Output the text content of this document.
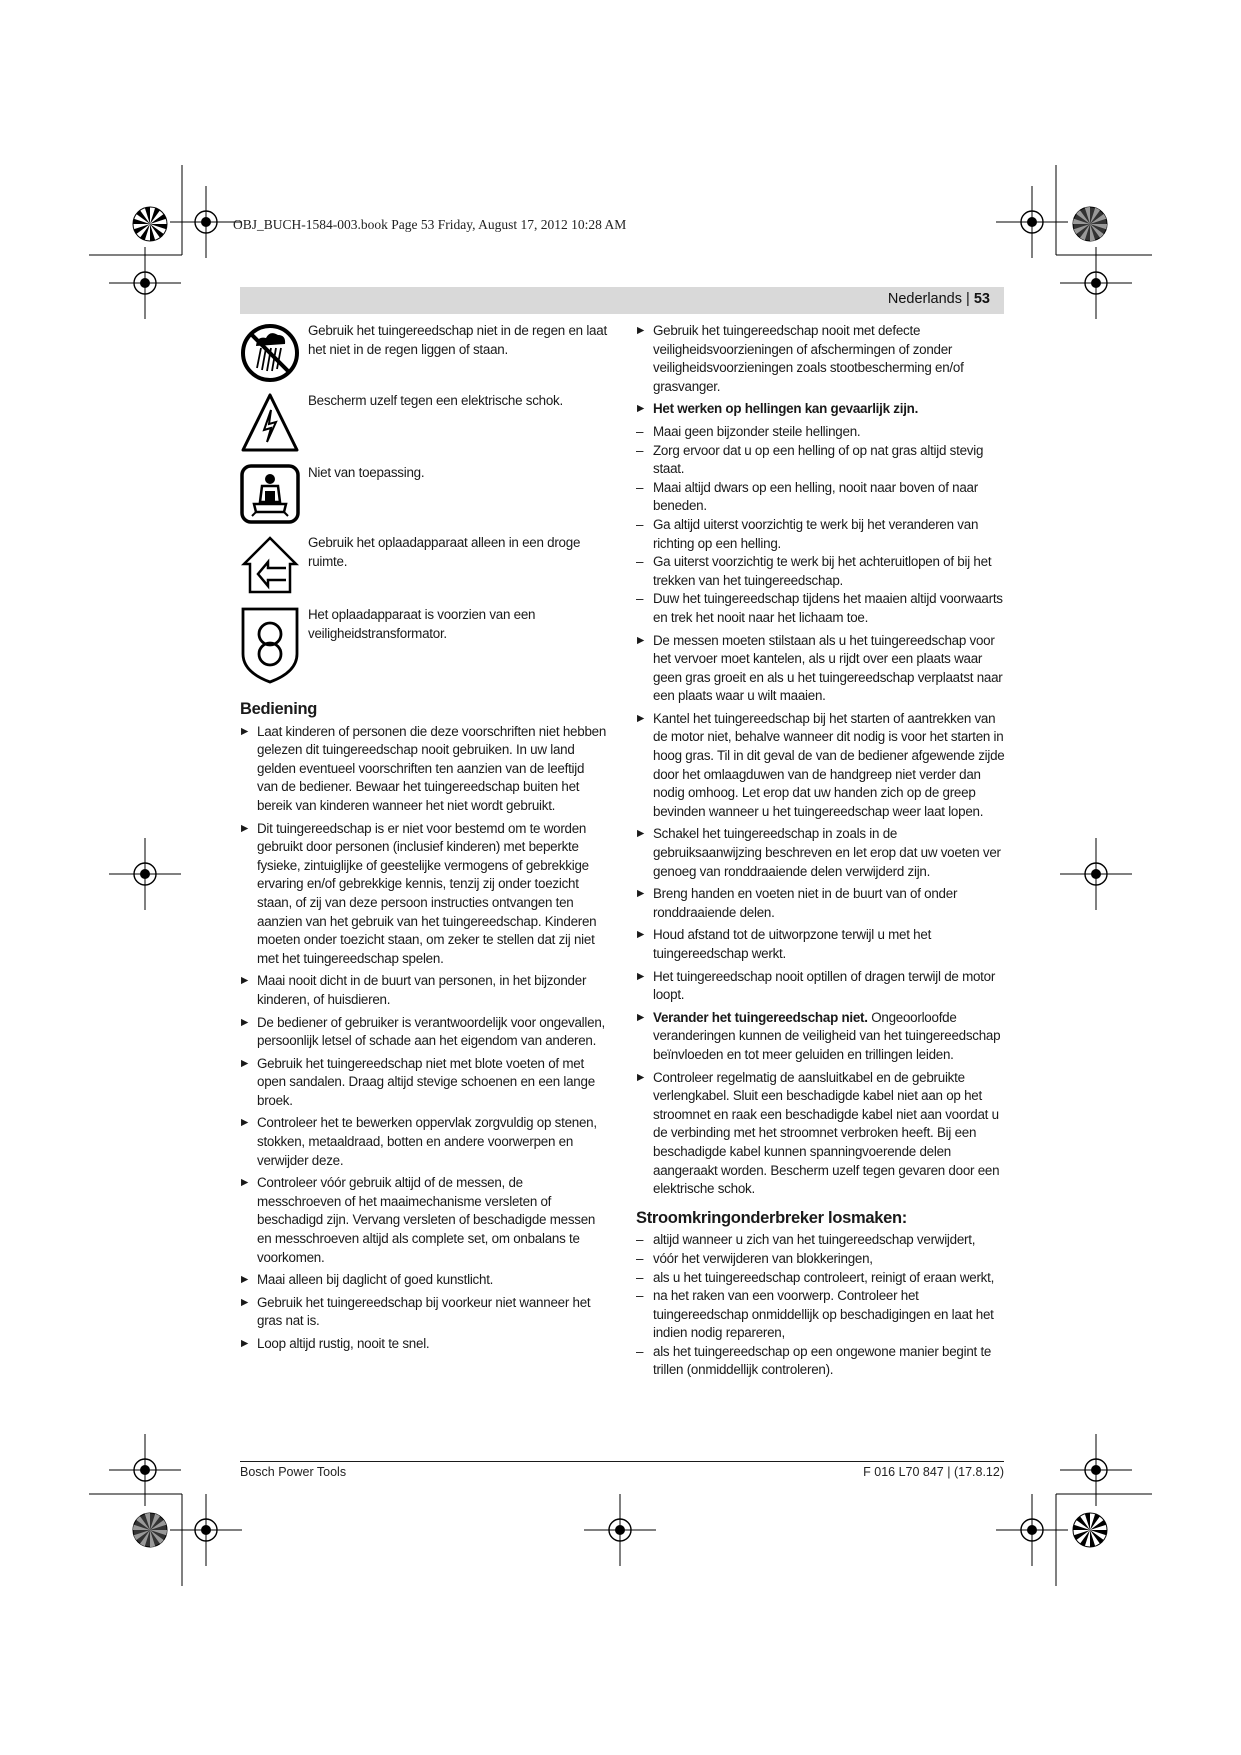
OBJ_BUCH-1584-003.book Page 53 Friday, August 17, 2012 10:28 AM
Nederlands | 53
Gebruik het tuingereedschap niet in de regen en laat het niet in de regen liggen of staan.
Bescherm uzelf tegen een elektrische schok.
Niet van toepassing.
Gebruik het oplaadapparaat alleen in een droge ruimte.
Het oplaadapparaat is voorzien van een veiligheidstransformator.
Bediening
▶ Laat kinderen of personen die deze voorschriften niet hebben gelezen dit tuingereedschap nooit gebruiken. In uw land gelden eventueel voorschriften ten aanzien van de leeftijd van de bediener. Bewaar het tuingereedschap buiten het bereik van kinderen wanneer het niet wordt gebruikt.
▶ Dit tuingereedschap is er niet voor bestemd om te worden gebruikt door personen (inclusief kinderen) met beperkte fysieke, zintuiglijke of geestelijke vermogens of gebrekkige ervaring en/of gebrekkige kennis, tenzij zij onder toezicht staan, of zij van deze persoon instructies ontvangen ten aanzien van het gebruik van het tuingereedschap. Kinderen moeten onder toezicht staan, om zeker te stellen dat zij niet met het tuingereedschap spelen.
▶ Maai nooit dicht in de buurt van personen, in het bijzonder kinderen, of huisdieren.
▶ De bediener of gebruiker is verantwoordelijk voor ongevallen, persoonlijk letsel of schade aan het eigendom van anderen.
▶ Gebruik het tuingereedschap niet met blote voeten of met open sandalen. Draag altijd stevige schoenen en een lange broek.
▶ Controleer het te bewerken oppervlak zorgvuldig op stenen, stokken, metaaldraad, botten en andere voorwerpen en verwijder deze.
▶ Controleer vóór gebruik altijd of de messen, de messchroeven of het maaimechanisme versleten of beschadigd zijn. Vervang versleten of beschadigde messen en messchroeven altijd als complete set, om onbalans te voorkomen.
▶ Maai alleen bij daglicht of goed kunstlicht.
▶ Gebruik het tuingereedschap bij voorkeur niet wanneer het gras nat is.
▶ Loop altijd rustig, nooit te snel.
▶ Gebruik het tuingereedschap nooit met defecte veiligheidsvoorzieningen of afschermingen of zonder veiligheidsvoorzieningen zoals stootbescherming en/of grasvanger.
▶ Het werken op hellingen kan gevaarlijk zijn.
– Maai geen bijzonder steile hellingen.
– Zorg ervoor dat u op een helling of op nat gras altijd stevig staat.
– Maai altijd dwars op een helling, nooit naar boven of naar beneden.
– Ga altijd uiterst voorzichtig te werk bij het veranderen van richting op een helling.
– Ga uiterst voorzichtig te werk bij het achteruitlopen of bij het trekken van het tuingereedschap.
– Duw het tuingereedschap tijdens het maaien altijd voorwaarts en trek het nooit naar het lichaam toe.
▶ De messen moeten stilstaan als u het tuingereedschap voor het vervoer moet kantelen, als u rijdt over een plaats waar geen gras groeit en als u het tuingereedschap verplaatst naar een plaats waar u wilt maaien.
▶ Kantel het tuingereedschap bij het starten of aantrekken van de motor niet, behalve wanneer dit nodig is voor het starten in hoog gras. Til in dit geval de van de bediener afgewende zijde door het omlaagduwen van de handgreep niet verder dan nodig omhoog. Let erop dat uw handen zich op de greep bevinden wanneer u het tuingereedschap weer laat lopen.
▶ Schakel het tuingereedschap in zoals in de gebruiksaanwijzing beschreven en let erop dat uw voeten ver genoeg van ronddraaiende delen verwijderd zijn.
▶ Breng handen en voeten niet in de buurt van of onder ronddraaiende delen.
▶ Houd afstand tot de uitworpzone terwijl u met het tuingereedschap werkt.
▶ Het tuingereedschap nooit optillen of dragen terwijl de motor loopt.
▶ Verander het tuingereedschap niet. Ongeoorloofde veranderingen kunnen de veiligheid van het tuingereedschap beïnvloeden en tot meer geluiden en trillingen leiden.
▶ Controleer regelmatig de aansluitkabel en de gebruikte verlengkabel. Sluit een beschadigde kabel niet aan op het stroomnet en raak een beschadigde kabel niet aan voordat u de verbinding met het stroomnet verbroken heeft. Bij een beschadigde kabel kunnen spanningvoerende delen aangeraakt worden. Bescherm uzelf tegen gevaren door een elektrische schok.
Stroomkringonderbreker losmaken:
– altijd wanneer u zich van het tuingereedschap verwijdert,
– vóór het verwijderen van blokkeringen,
– als u het tuingereedschap controleert, reinigt of eraan werkt,
– na het raken van een voorwerp. Controleer het tuingereedschap onmiddellijk op beschadigingen en laat het indien nodig repareren,
– als het tuingereedschap op een ongewone manier begint te trillen (onmiddellijk controleren).
Bosch Power Tools	F 016 L70 847 | (17.8.12)
